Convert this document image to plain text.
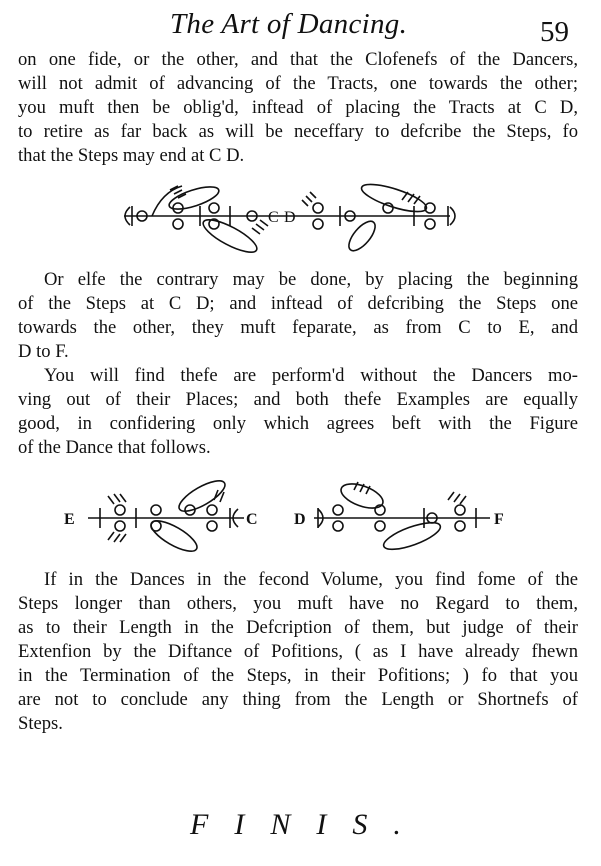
The Art of Dancing.	59

on one fide, or the other, and that the Clofenefs of the Dancers,
will not admit of advancing of the Tracts, one towards the other;
you muft then be oblig'd, inftead of placing the Tracts at C D,
to retire as far back as will be neceffary to defcribe the Steps, fo
that the Steps may end at C D.

C D

Or elfe the contrary may be done, by placing the beginning
of the Steps at C D; and inftead of defcribing the Steps one
towards the other, they muft feparate, as from C to E, and
D to F.

You will find thefe are perform'd without the Dancers mo-
ving out of their Places; and both thefe Examples are equally
good, in confidering only which agrees beft with the Figure
of the Dance that follows.

E	C D	F

If in the Dances in the fecond Volume, you find fome of the
Steps longer than others, you muft have no Regard to them,
as to their Length in the Defcription of them, but judge of their
Extenfion by the Diftance of Pofitions, ( as I have already fhewn
in the Termination of the Steps, in their Pofitions; ) fo that you
are not to conclude any thing from the Length or Shortnefs of
Steps.

FINIS.
